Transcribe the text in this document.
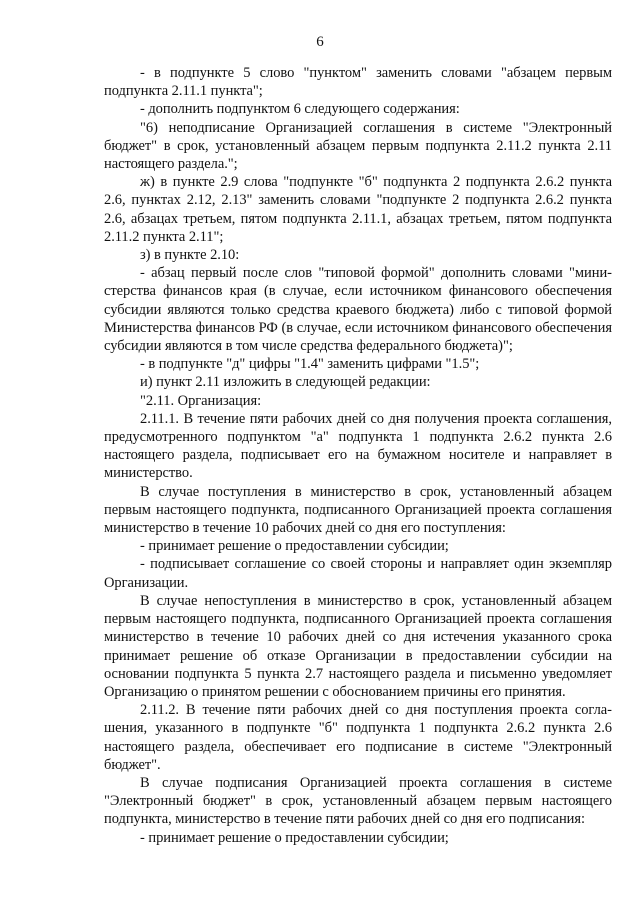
6

- в подпункте 5 слово "пунктом" заменить словами "абзацем первым подпункта 2.11.1 пункта";

- дополнить подпунктом 6 следующего содержания:

"6) неподписание Организацией соглашения в системе "Электронный бюджет" в срок, установленный абзацем первым подпункта 2.11.2 пункта 2.11 настоящего раздела.";

ж) в пункте 2.9 слова "подпункте "б" подпункта 2 подпункта 2.6.2 пункта 2.6, пунктах 2.12, 2.13" заменить словами "подпункте 2 подпункта 2.6.2 пункта 2.6, абзацах третьем, пятом подпункта 2.11.1, абзацах третьем, пятом подпункта 2.11.2 пункта 2.11";

з) в пункте 2.10:

- абзац первый после слов "типовой формой" дополнить словами "министерства финансов края (в случае, если источником финансового обеспечения субсидии являются только средства краевого бюджета) либо с типовой формой Министерства финансов РФ (в случае, если источником финансового обеспечения субсидии являются в том числе средства федерального бюджета)";

- в подпункте "д" цифры "1.4" заменить цифрами "1.5";

и) пункт 2.11 изложить в следующей редакции:

"2.11. Организация:

2.11.1. В течение пяти рабочих дней со дня получения проекта соглашения, предусмотренного подпунктом "а" подпункта 1 подпункта 2.6.2 пункта 2.6 настоящего раздела, подписывает его на бумажном носителе и направляет в министерство.

В случае поступления в министерство в срок, установленный абзацем первым настоящего подпункта, подписанного Организацией проекта соглашения министерство в течение 10 рабочих дней со дня его поступления:

- принимает решение о предоставлении субсидии;

- подписывает соглашение со своей стороны и направляет один экземпляр Организации.

В случае непоступления в министерство в срок, установленный абзацем первым настоящего подпункта, подписанного Организацией проекта соглашения министерство в течение 10 рабочих дней со дня истечения указанного срока принимает решение об отказе Организации в предоставлении субсидии на основании подпункта 5 пункта 2.7 настоящего раздела и письменно уведомляет Организацию о принятом решении с обоснованием причины его принятия.

2.11.2. В течение пяти рабочих дней со дня поступления проекта соглашения, указанного в подпункте "б" подпункта 1 подпункта 2.6.2 пункта 2.6 настоящего раздела, обеспечивает его подписание в системе "Электронный бюджет".

В случае подписания Организацией проекта соглашения в системе "Электронный бюджет" в срок, установленный абзацем первым настоящего подпункта, министерство в течение пяти рабочих дней со дня его подписания:

- принимает решение о предоставлении субсидии;
